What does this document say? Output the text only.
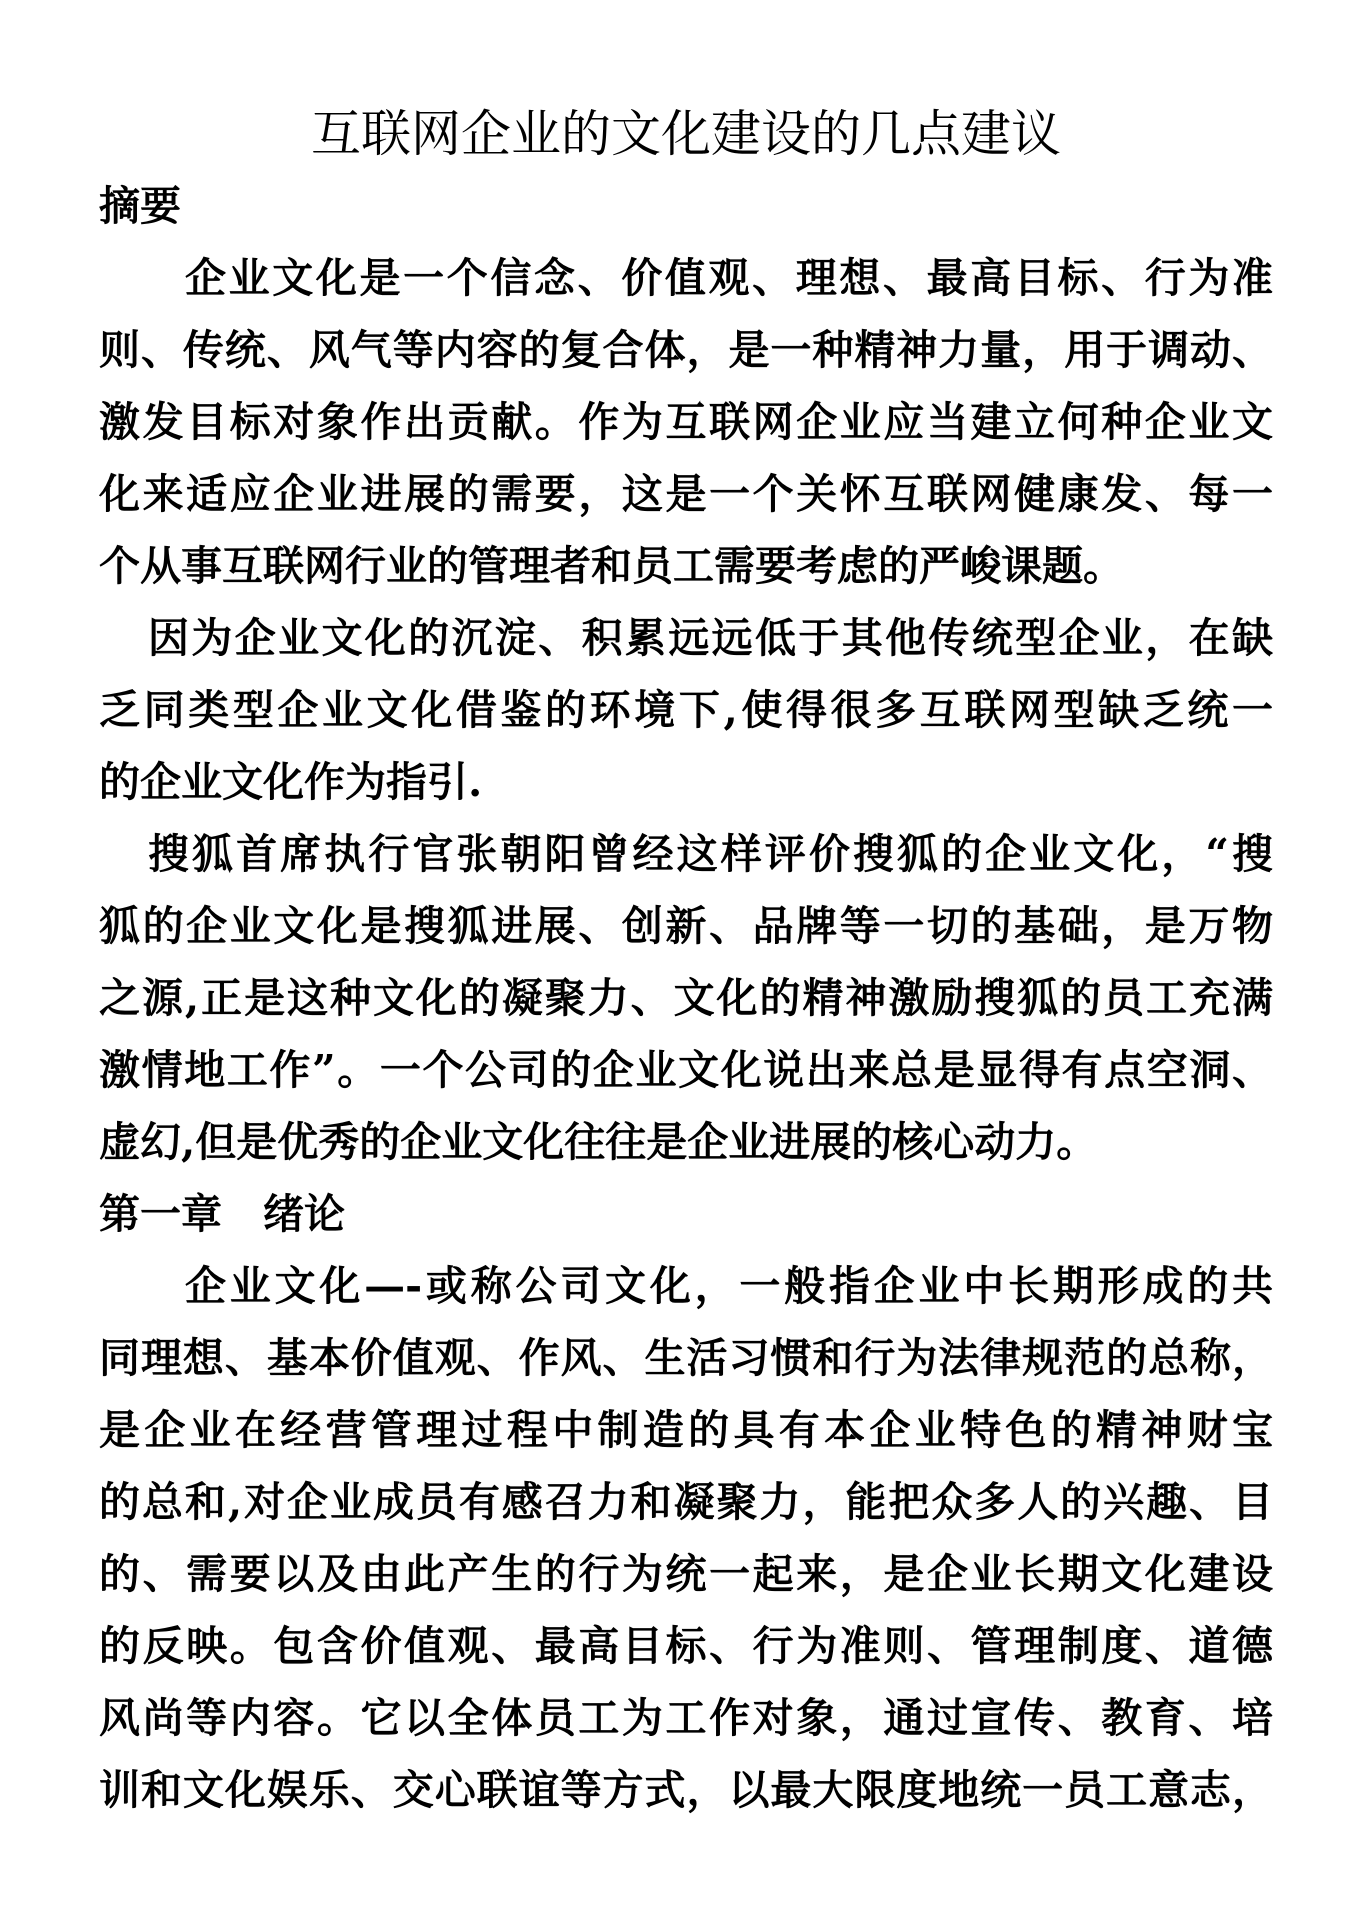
互联网企业的文化建设的几点建议
摘要
企业文化是一个信念、价值观、理想、最高目标、行为准
则、传统、风气等内容的复合体，是一种精神力量，用于调动、
激发目标对象作出贡献。作为互联网企业应当建立何种企业文
化来适应企业进展的需要，这是一个关怀互联网健康发、每一
个从事互联网行业的管理者和员工需要考虑的严峻课题。
因为企业文化的沉淀、积累远远低于其他传统型企业，在缺
乏同类型企业文化借鉴的环境下,使得很多互联网型缺乏统一
的企业文化作为指引.
搜狐首席执行官张朝阳曾经这样评价搜狐的企业文化，“搜
狐的企业文化是搜狐进展、创新、品牌等一切的基础，是万物
之源,正是这种文化的凝聚力、文化的精神激励搜狐的员工充满
激情地工作”。一个公司的企业文化说出来总是显得有点空洞、
虚幻,但是优秀的企业文化往往是企业进展的核心动力。
第一章　绪论
企业文化—-或称公司文化，一般指企业中长期形成的共
同理想、基本价值观、作风、生活习惯和行为法律规范的总称，
是企业在经营管理过程中制造的具有本企业特色的精神财宝
的总和,对企业成员有感召力和凝聚力，能把众多人的兴趣、目
的、需要以及由此产生的行为统一起来，是企业长期文化建设
的反映。包含价值观、最高目标、行为准则、管理制度、道德
风尚等内容。它以全体员工为工作对象，通过宣传、教育、培
训和文化娱乐、交心联谊等方式，以最大限度地统一员工意志，
